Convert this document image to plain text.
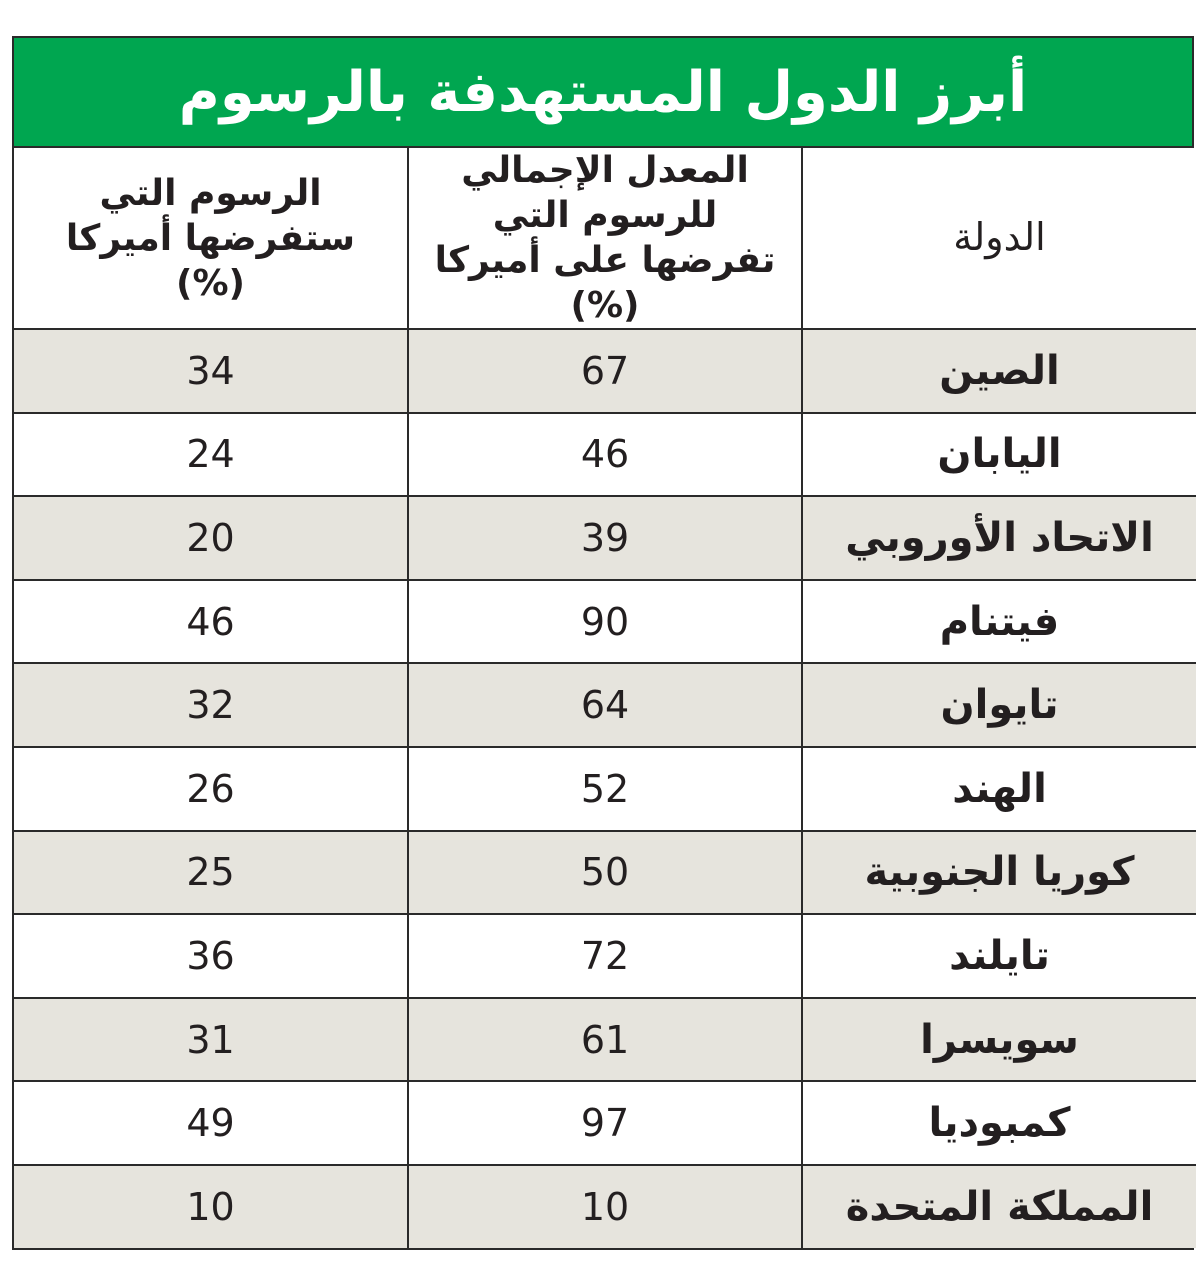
أبرز الدول المستهدفة بالرسوم
الدولة	المعدل الإجمالي للرسوم التي تفرضها على أميركا (%)	الرسوم التي ستفرضها أميركا (%)
الصين	67	34
اليابان	46	24
الاتحاد الأوروبي	39	20
فيتنام	90	46
تايوان	64	32
الهند	52	26
كوريا الجنوبية	50	25
تايلند	72	36
سويسرا	61	31
كمبوديا	97	49
المملكة المتحدة	10	10
